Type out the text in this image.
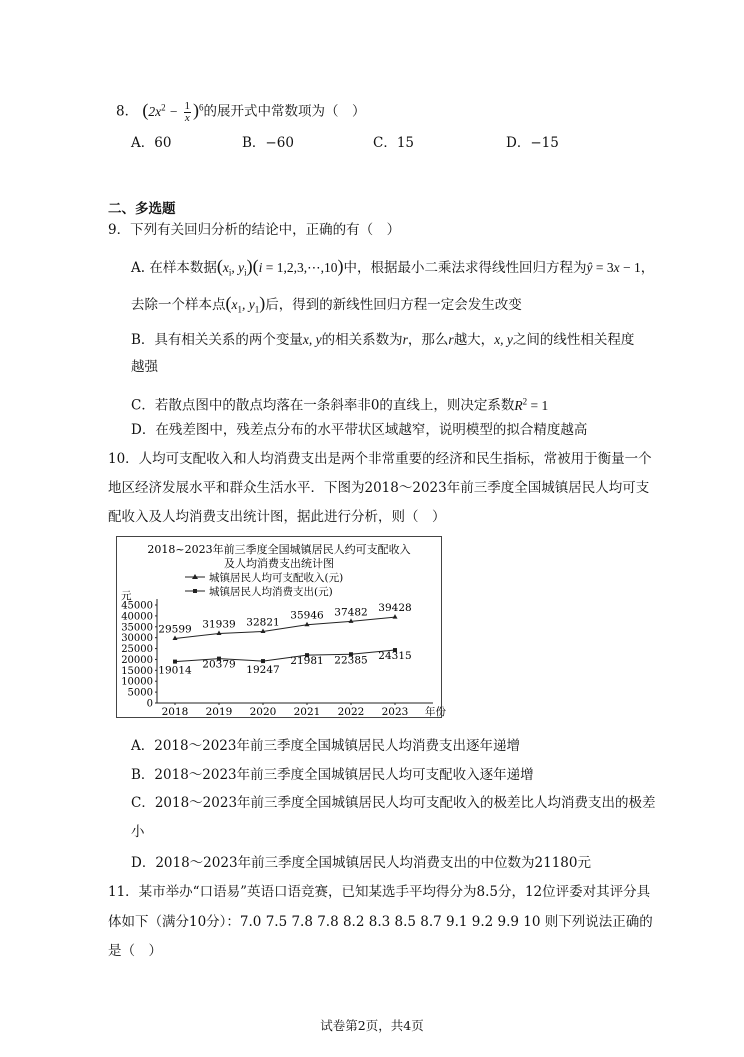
8． $(2x^2 - \frac{1}{x} )^6$的展开式中常数项为（　）
A．60	B．−60	C．15	D．−15
二、多选题
9．下列有关回归分析的结论中，正确的有（　）
A. 在样本数据($x_i$, $y_i)(i$ = 1,2,3,⋯,10)中，根据最小二乘法求得线性回归方程为ŷ = 3x − 1，
去除一个样本点($x_1$, $y_1$)后，得到的新线性回归方程一定会发生改变
B．具有相关关系的两个变量x, y的相关系数为r，那么r越大，x, y之间的线性相关程度
越强
C．若散点图中的散点均落在一条斜率非0的直线上，则决定系数$R^2 = 1$
D．在残差图中，残差点分布的水平带状区域越窄，说明模型的拟合精度越高
10．人均可支配收入和人均消费支出是两个非常重要的经济和民生指标，常被用于衡量一个
地区经济发展水平和群众生活水平．下图为2018～2023年前三季度全国城镇居民人均可支
配收入及人均消费支出统计图，据此进行分析，则（　）
2018~2023年前三季度全国城镇居民人约可支配收入
及人均消费支出统计图
城镇居民人均可支配收入(元)
城镇居民人均消费支出(元)
元
0
5000
10000
15000
20000
25000
30000
35000
40000
45000
2018 2019 2020 2021 2022 2023 年份
29599 31939 32821
35946 37482 39428
19014 20379 19247
21981 22385 24315
A．2018～2023年前三季度全国城镇居民人均消费支出逐年递增
B．2018～2023年前三季度全国城镇居民人均可支配收入逐年递增
C．2018～2023年前三季度全国城镇居民人均可支配收入的极差比人均消费支出的极差
小
D．2018～2023年前三季度全国城镇居民人均消费支出的中位数为21180元
11．某市举办“口语易”英语口语竞赛，已知某选手平均得分为8.5分，12位评委对其评分具
体如下（满分10分）：7.0 7.5 7.8 7.8 8.2 8.3 8.5 8.7 9.1 9.2 9.9 10 则下列说法正确的
是（　）
试卷第2页，共4页
